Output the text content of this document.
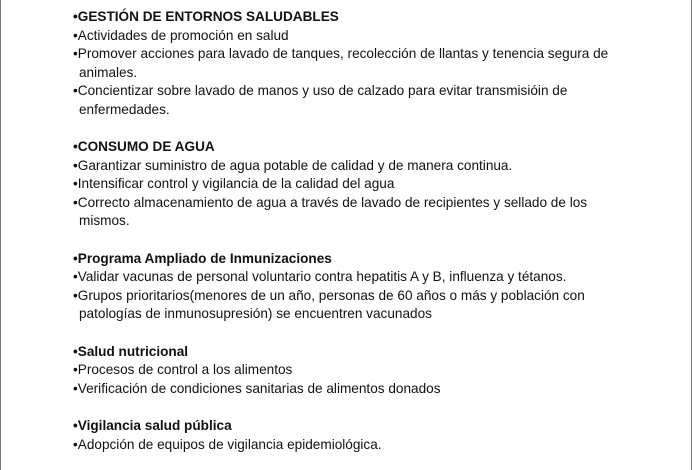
•GESTIÓN DE ENTORNOS SALUDABLES
•Actividades de promoción en salud
•Promover acciones para lavado de tanques, recolección de llantas y tenencia segura de animales.
•Concientizar sobre lavado de manos y uso de calzado para evitar transmisióin de enfermedades.
•CONSUMO DE AGUA
•Garantizar suministro de agua potable de calidad y de manera continua.
•Intensificar control y vigilancia de la calidad del agua
•Correcto almacenamiento de agua a través de lavado de recipientes y sellado de los mismos.
•Programa Ampliado de Inmunizaciones
•Validar vacunas de personal voluntario contra hepatitis A y B, influenza y tétanos.
•Grupos prioritarios(menores de un año, personas de 60 años o más y población con patologías de inmunosupresión) se encuentren vacunados
•Salud nutricional
•Procesos de control a los alimentos
•Verificación de condiciones sanitarias de alimentos donados
•Vigilancia salud pública
•Adopción de equipos de vigilancia epidemiológica.
